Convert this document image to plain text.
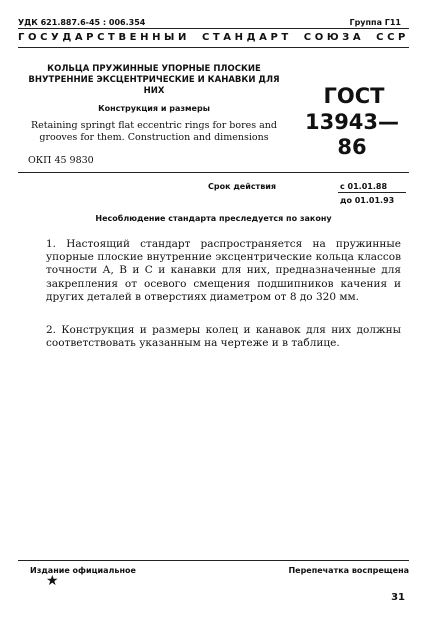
УДК 621.887.6-45 : 006.354	Группа Г11
ГОСУДАРСТВЕННЫЙ СТАНДАРТ СОЮЗА ССР
КОЛЬЦА ПРУЖИННЫЕ УПОРНЫЕ ПЛОСКИЕ ВНУТРЕННИЕ ЭКСЦЕНТРИЧЕСКИЕ И КАНАВКИ ДЛЯ НИХ
Конструкция и размеры
Retaining springt flat eccentric rings for bores and grooves for them. Construction and dimensions
ОКП 45 9830
ГОСТ
13943—86
Срок действия	с 01.01.88
до 01.01.93
Несоблюдение стандарта преследуется по закону
1. Настоящий стандарт распространяется на пружинные упорные плоские внутренние эксцентрические кольца классов точности А, В и С и канавки для них, предназначенные для закрепления от осевого смещения подшипников качения и других деталей в отверстиях диаметром от 8 до 320 мм.
2. Конструкция и размеры колец и канавок для них должны соответствовать указанным на чертеже и в таблице.
Издание официальное
★
Перепечатка воспрещена
31
